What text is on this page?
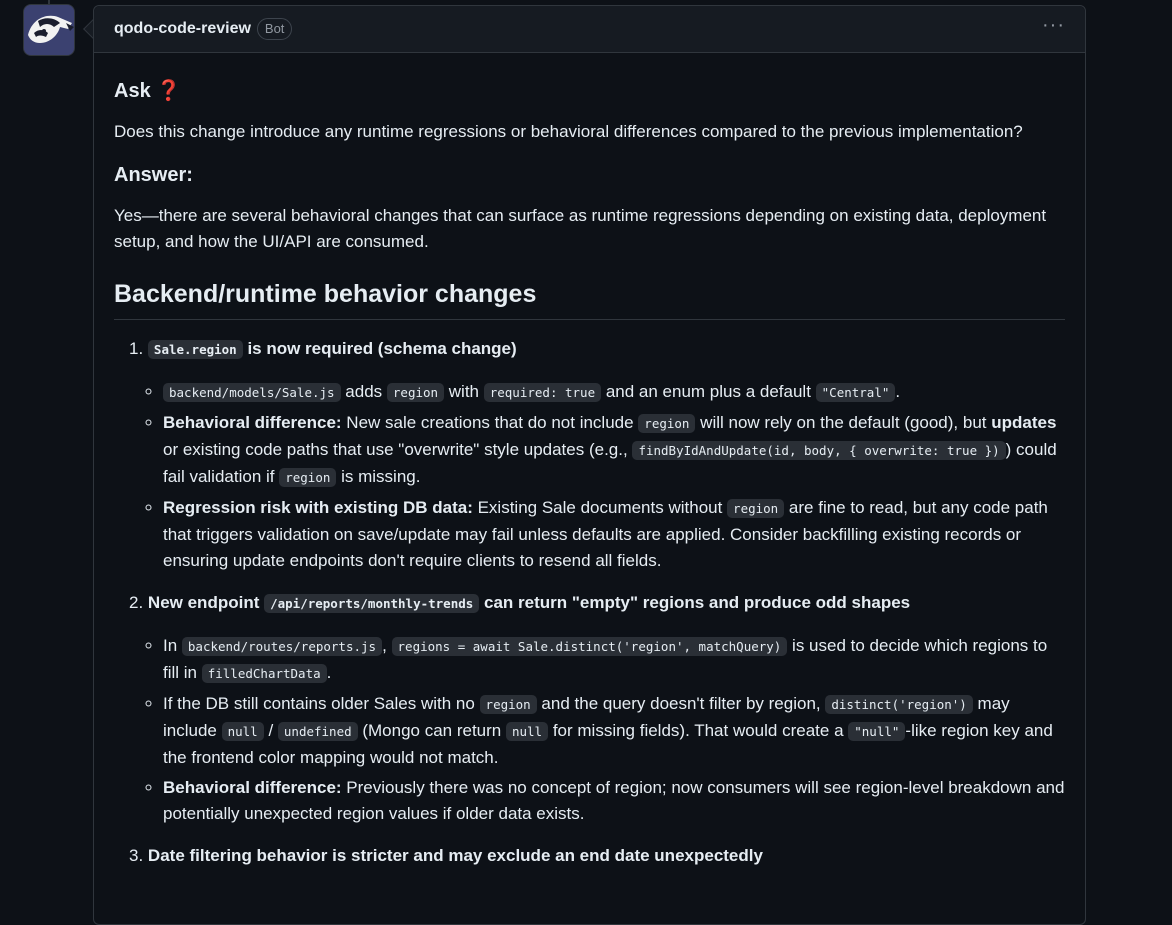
qodo-code-review	Bot	···
Ask ❓

Does this change introduce any runtime regressions or behavioral differences compared to the previous implementation?

Answer:

Yes—there are several behavioral changes that can surface as runtime regressions depending on existing data, deployment setup, and how the UI/API are consumed.

Backend/runtime behavior changes
1. Sale.region is now required (schema change)
◦ backend/models/Sale.js adds region with required: true and an enum plus a default "Central" .
◦ Behavioral difference: New sale creations that do not include region will now rely on the default (good), but updates or existing code paths that use "overwrite" style updates (e.g., findByIdAndUpdate(id, body, { overwrite: true }) ) could fail validation if region is missing.
◦ Regression risk with existing DB data: Existing Sale documents without region are fine to read, but any code path that triggers validation on save/update may fail unless defaults are applied. Consider backfilling existing records or ensuring update endpoints don't require clients to resend all fields.
2. New endpoint /api/reports/monthly-trends can return "empty" regions and produce odd shapes
◦ In backend/routes/reports.js , regions = await Sale.distinct('region', matchQuery) is used to decide which regions to fill in filledChartData .
◦ If the DB still contains older Sales with no region and the query doesn't filter by region, distinct('region') may include null / undefined (Mongo can return null for missing fields). That would create a "null" -like region key and the frontend color mapping would not match.
◦ Behavioral difference: Previously there was no concept of region; now consumers will see region-level breakdown and potentially unexpected region values if older data exists.
3. Date filtering behavior is stricter and may exclude an end date unexpectedly
